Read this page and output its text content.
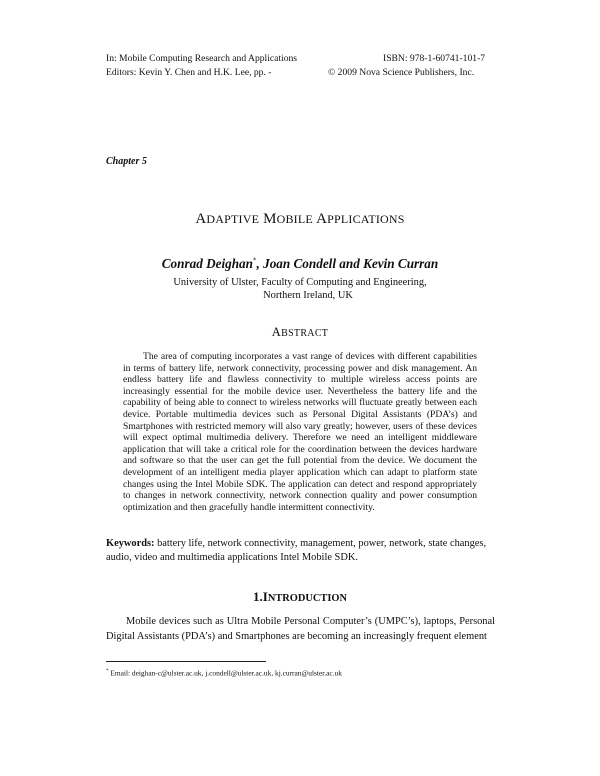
In: Mobile Computing Research and Applications
Editors: Kevin Y. Chen and H.K. Lee, pp. -
ISBN: 978-1-60741-101-7
© 2009 Nova Science Publishers, Inc.
Chapter 5
ADAPTIVE MOBILE APPLICATIONS
Conrad Deighan*, Joan Condell and Kevin Curran
University of Ulster, Faculty of Computing and Engineering,
Northern Ireland, UK
ABSTRACT
The area of computing incorporates a vast range of devices with different capabilities in terms of battery life, network connectivity, processing power and disk management. An endless battery life and flawless connectivity to multiple wireless access points are increasingly essential for the mobile device user. Nevertheless the battery life and the capability of being able to connect to wireless networks will fluctuate greatly between each device. Portable multimedia devices such as Personal Digital Assistants (PDA’s) and Smartphones with restricted memory will also vary greatly; however, users of these devices will expect optimal multimedia delivery. Therefore we need an intelligent middleware application that will take a critical role for the coordination between the devices hardware and software so that the user can get the full potential from the device. We document the development of an intelligent media player application which can adapt to platform state changes using the Intel Mobile SDK. The application can detect and respond appropriately to changes in network connectivity, network connection quality and power consumption optimization and then gracefully handle intermittent connectivity.
Keywords: battery life, network connectivity, management, power, network, state changes, audio, video and multimedia applications Intel Mobile SDK.
1.INTRODUCTION
Mobile devices such as Ultra Mobile Personal Computer’s (UMPC’s), laptops, Personal Digital Assistants (PDA’s) and Smartphones are becoming an increasingly frequent element
* Email: deighan-c@ulster.ac.uk, j.condell@ulster.ac.uk, kj.curran@ulster.ac.uk
